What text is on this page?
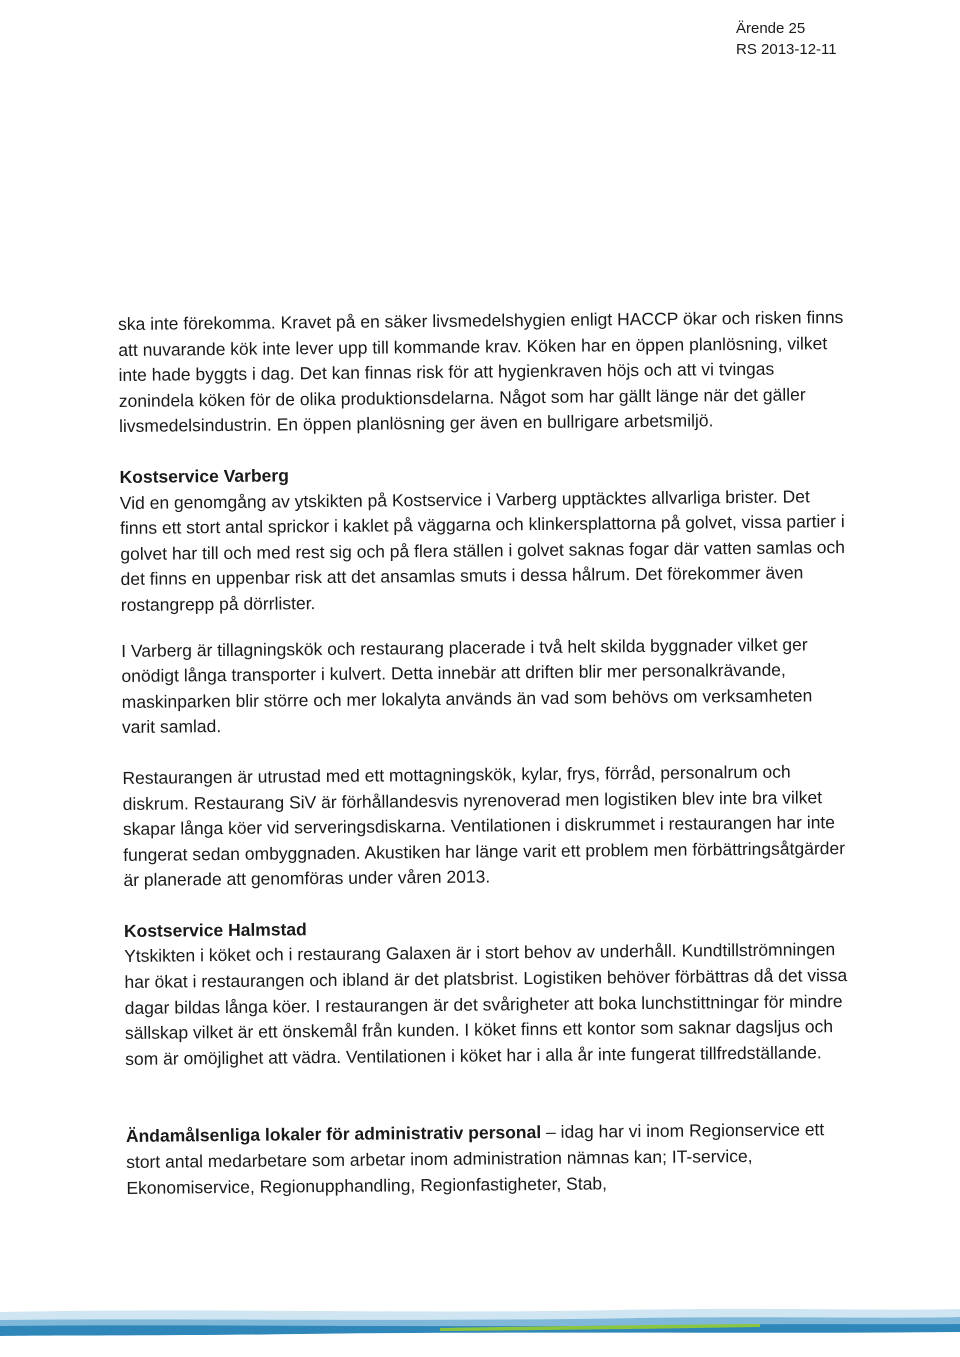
Ärende 25
RS 2013-12-11

ska inte förekomma. Kravet på en säker livsmedelshygien enligt HACCP ökar och risken finns att nuvarande kök inte lever upp till kommande krav. Köken har en öppen planlösning, vilket inte hade byggts i dag. Det kan finnas risk för att hygienkraven höjs och att vi tvingas zonindela köken för de olika produktionsdelarna. Något som har gällt länge när det gäller livsmedelsindustrin. En öppen planlösning ger även en bullrigare arbetsmiljö.

Kostservice Varberg
Vid en genomgång av ytskikten på Kostservice i Varberg upptäcktes allvarliga brister. Det finns ett stort antal sprickor i kaklet på väggarna och klinkersplattorna på golvet, vissa partier i golvet har till och med rest sig och på flera ställen i golvet saknas fogar där vatten samlas och det finns en uppenbar risk att det ansamlas smuts i dessa hålrum. Det förekommer även rostangrepp på dörrlister.

I Varberg är tillagningskök och restaurang placerade i två helt skilda byggnader vilket ger onödigt långa transporter i kulvert. Detta innebär att driften blir mer personalkrävande, maskinparken blir större och mer lokalyta används än vad som behövs om verksamheten varit samlad.

Restaurangen är utrustad med ett mottagningskök, kylar, frys, förråd, personalrum och diskrum. Restaurang SiV är förhållandesvis nyrenoverad men logistiken blev inte bra vilket skapar långa köer vid serveringsdiskarna. Ventilationen i diskrummet i restaurangen har inte fungerat sedan ombyggnaden. Akustiken har länge varit ett problem men förbättringsåtgärder är planerade att genomföras under våren 2013.

Kostservice Halmstad
Ytskikten i köket och i restaurang Galaxen är i stort behov av underhåll. Kundtillströmningen har ökat i restaurangen och ibland är det platsbrist. Logistiken behöver förbättras då det vissa dagar bildas långa köer. I restaurangen är det svårigheter att boka lunchstittningar för mindre sällskap vilket är ett önskemål från kunden. I köket finns ett kontor som saknar dagsljus och som är omöjlighet att vädra. Ventilationen i köket har i alla år inte fungerat tillfredställande.

Ändamålsenliga lokaler för administrativ personal – idag har vi inom Regionservice ett stort antal medarbetare som arbetar inom administration nämnas kan; IT-service, Ekonomiservice, Regionupphandling, Regionfastigheter, Stab,
